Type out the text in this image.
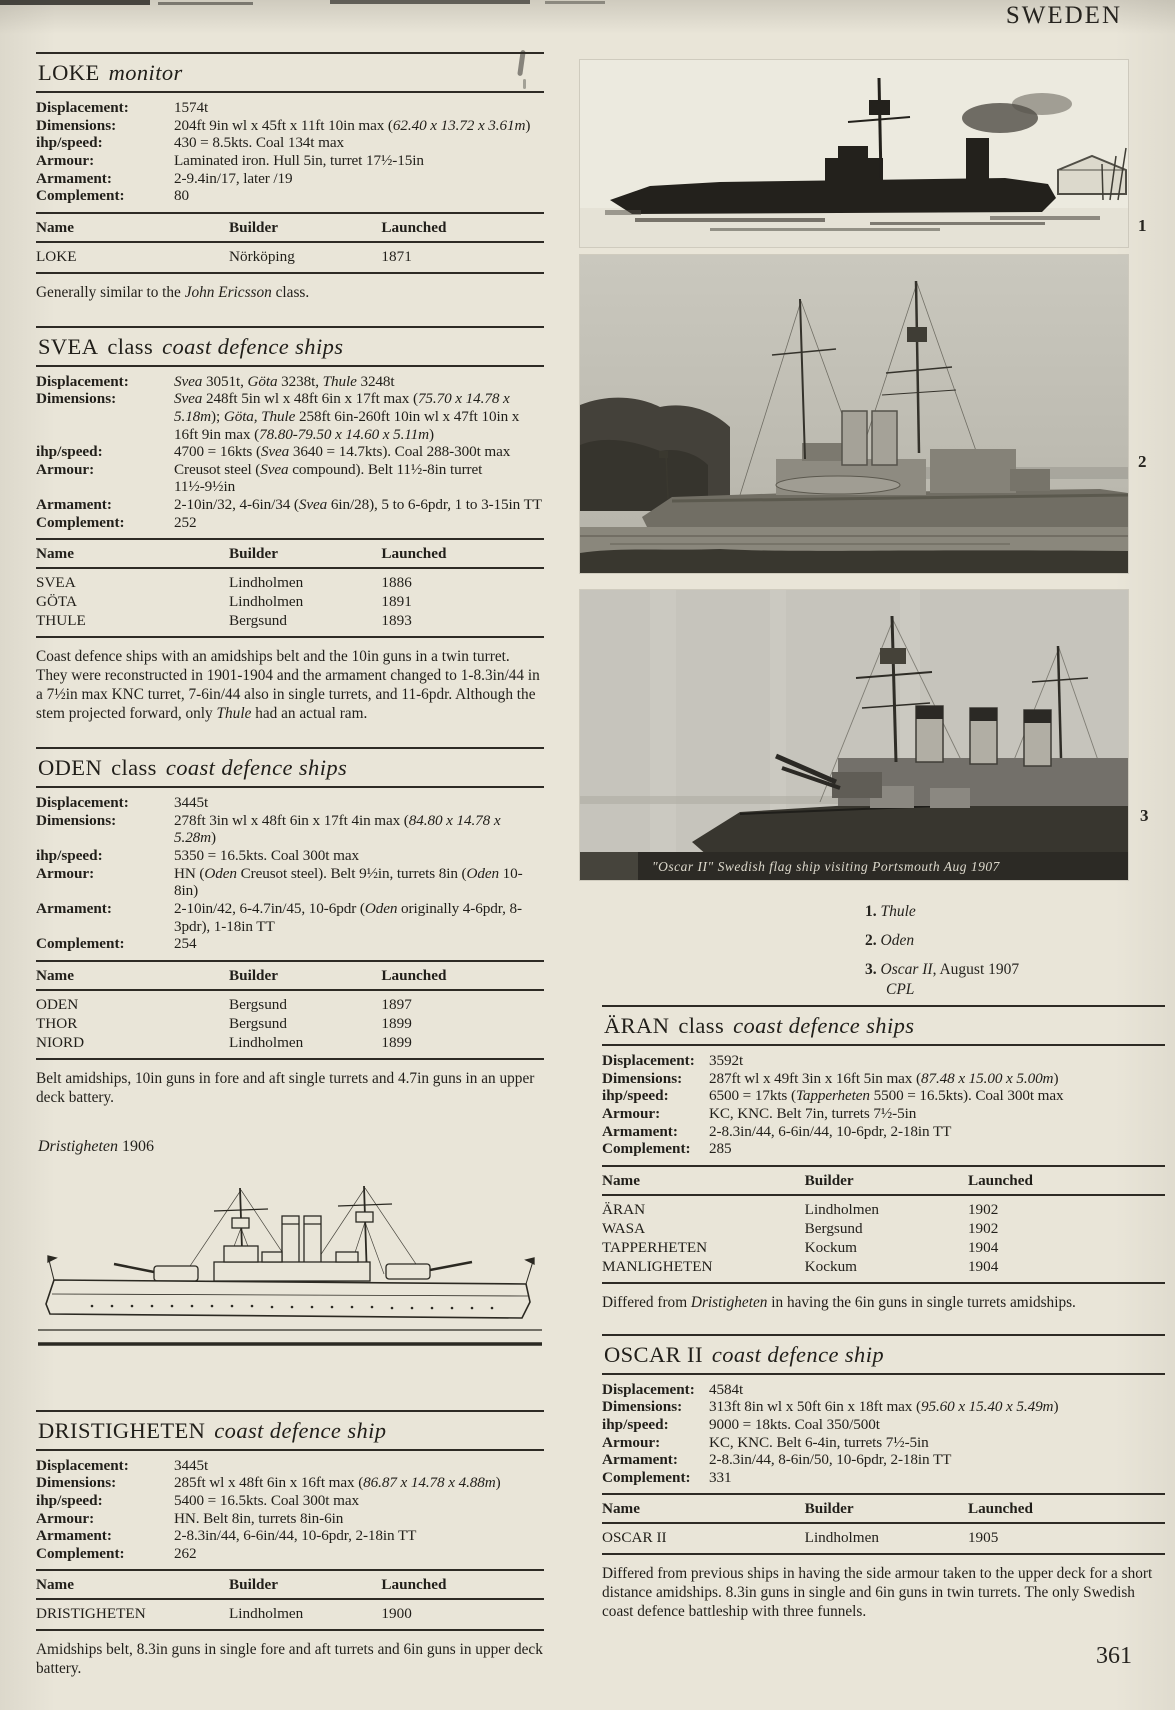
SWEDEN
361
LOKE monitor
Displacement:	1574t
Dimensions:	204ft 9in wl x 45ft x 11ft 10in max (62.40 x 13.72 x 3.61m)
ihp/speed:	430 = 8.5kts. Coal 134t max
Armour:	Laminated iron. Hull 5in, turret 17½-15in
Armament:	2-9.4in/17, later /19
Complement:	80
Name	Builder	Launched
LOKE	Nörköping	1871

Generally similar to the John Ericsson class.

SVEA class coast defence ships
Displacement:	Svea 3051t, Göta 3238t, Thule 3248t
Dimensions:	Svea 248ft 5in wl x 48ft 6in x 17ft max (75.70 x 14.78 x 5.18m); Göta, Thule 258ft 6in-260ft 10in wl x 47ft 10in x 16ft 9in max (78.80-79.50 x 14.60 x 5.11m)
ihp/speed:	4700 = 16kts (Svea 3640 = 14.7kts). Coal 288-300t max
Armour:	Creusot steel (Svea compound). Belt 11½-8in turret 11½-9½in
Armament:	2-10in/32, 4-6in/34 (Svea 6in/28), 5 to 6-6pdr, 1 to 3-15in TT
Complement:	252
Name	Builder	Launched
SVEA	Lindholmen	1886
GÖTA	Lindholmen	1891
THULE	Bergsund	1893

Coast defence ships with an amidships belt and the 10in guns in a twin turret. They were reconstructed in 1901-1904 and the armament changed to 1-8.3in/44 in a 7½in max KNC turret, 7-6in/44 also in single turrets, and 11-6pdr. Although the stem projected forward, only Thule had an actual ram.

ODEN class coast defence ships
Displacement:	3445t
Dimensions:	278ft 3in wl x 48ft 6in x 17ft 4in max (84.80 x 14.78 x 5.28m)
ihp/speed:	5350 = 16.5kts. Coal 300t max
Armour:	HN (Oden Creusot steel). Belt 9½in, turrets 8in (Oden 10-8in)
Armament:	2-10in/42, 6-4.7in/45, 10-6pdr (Oden originally 4-6pdr, 8-3pdr), 1-18in TT
Complement:	254
Name	Builder	Launched
ODEN	Bergsund	1897
THOR	Bergsund	1899
NIORD	Lindholmen	1899

Belt amidships, 10in guns in fore and aft single turrets and 4.7in guns in an upper deck battery.

Dristigheten 1906
DRISTIGHETEN coast defence ship
Displacement:	3445t
Dimensions:	285ft wl x 48ft 6in x 16ft max (86.87 x 14.78 x 4.88m)
ihp/speed:	5400 = 16.5kts. Coal 300t max
Armour:	HN. Belt 8in, turrets 8in-6in
Armament:	2-8.3in/44, 6-6in/44, 10-6pdr, 2-18in TT
Complement:	262
Name	Builder	Launched
DRISTIGHETEN	Lindholmen	1900

Amidships belt, 8.3in guns in single fore and aft turrets and 6in guns in upper deck battery.

1
2
"Oscar II" Swedish flag ship visiting Portsmouth Aug 1907
3
1. Thule
2. Oden
3. Oscar II, August 1907
CPL
ÄRAN class coast defence ships
Displacement: 3592t
Dimensions:	287ft wl x 49ft 3in x 16ft 5in max (87.48 x 15.00 x 5.00m)
ihp/speed:	6500 = 17kts (Tapperheten 5500 = 16.5kts). Coal 300t max
Armour:	KC, KNC. Belt 7in, turrets 7½-5in
Armament:	2-8.3in/44, 6-6in/44, 10-6pdr, 2-18in TT
Complement:	285
Name	Builder	Launched
ÄRAN	Lindholmen	1902
WASA	Bergsund	1902
TAPPERHETEN	Kockum	1904
MANLIGHETEN	Kockum	1904

Differed from Dristigheten in having the 6in guns in single turrets amidships.

OSCAR II coast defence ship
Displacement: 4584t
Dimensions:	313ft 8in wl x 50ft 6in x 18ft max (95.60 x 15.40 x 5.49m)
ihp/speed:	9000 = 18kts. Coal 350/500t
Armour:	KC, KNC. Belt 6-4in, turrets 7½-5in
Armament:	2-8.3in/44, 8-6in/50, 10-6pdr, 2-18in TT
Complement:	331
Name	Builder	Launched
OSCAR II	Lindholmen	1905

Differed from previous ships in having the side armour taken to the upper deck for a short distance amidships. 8.3in guns in single and 6in guns in twin turrets. The only Swedish coast defence battleship with three funnels.
